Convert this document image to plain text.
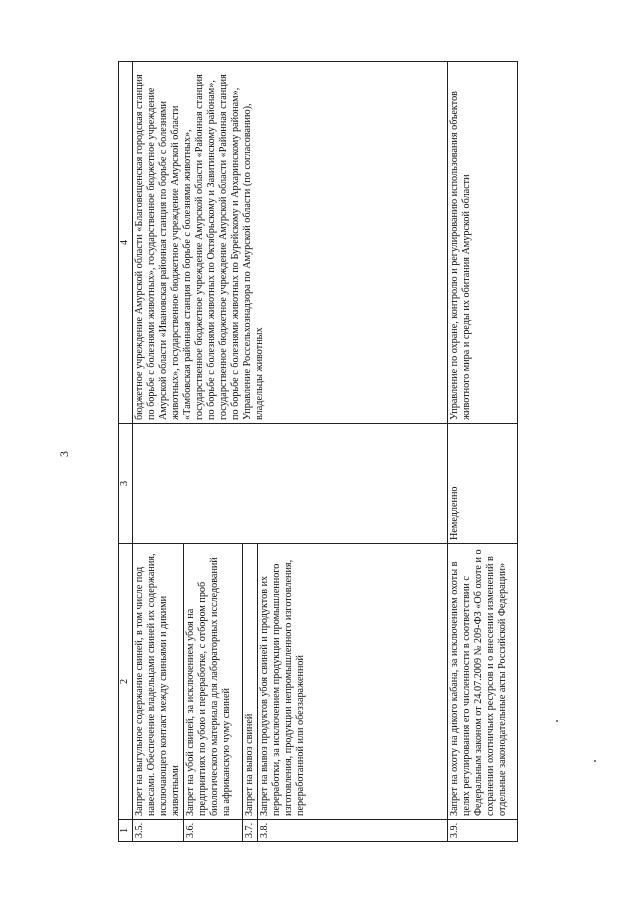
3
1	2	3	4
3.5.	Запрет на выгульное содержание свиней, в том числе под навесами. Обеспечение владельцами свиней их содержания, исключающего контакт между свиньями и дикими животными		бюджетное учреждение Амурской области «Благовещенская городская станция по борьбе с болезнями животных», государственное бюджетное учреждение Амурской области «Ивановская районная станция по борьбе с болезнями животных», государственное бюджетное учреждение Амурской области «Тамбовская районная станция по борьбе с болезнями животных», государственное бюджетное учреждение Амурской области «Районная станция по борьбе с болезнями животных по Октябрьскому и Завитинскому районам», государственное бюджетное учреждение Амурской области «Районная станция по борьбе с болезнями животных по Бурейскому и Архаринскому районам», Управление Россельхознадзора по Амурской области (по согласованию), владельцы животных
3.6.	Запрет на убой свиней, за исключением убоя на предприятиях по убою и переработке, с отбором проб биологического материала для лабораторных исследований на африканскую чуму свиней		
3.7.	Запрет на вывоз свиней		
3.8.	Запрет на вывоз продуктов убоя свиней и продуктов их переработки, за исключением продукции промышленного изготовления, продукции непромышленного изготовления, переработанной или обеззараженной		
3.9.	Запрет на охоту на дикого кабана, за исключением охоты в целях регулирования его численности в соответствии с Федеральным законом от 24.07.2009 № 209-ФЗ «Об охоте и о сохранении охотничьих ресурсов и о внесении изменений в отдельные законодательные акты Российской Федерации»	Немедленно	Управление по охране, контролю и регулированию использования объектов животного мира и среды их обитания Амурской области
